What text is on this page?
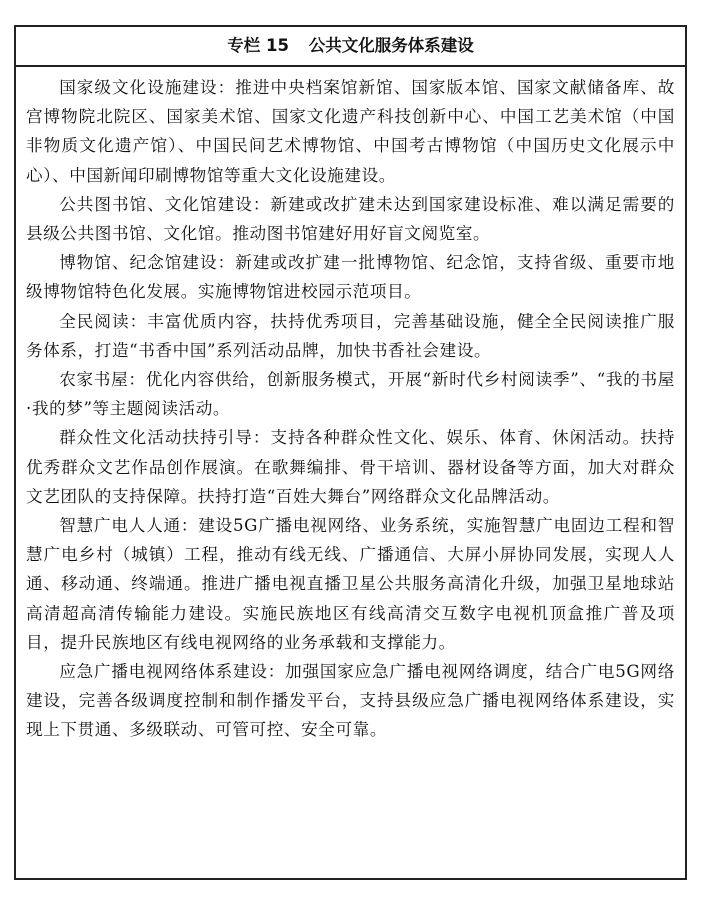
专栏 15 公共文化服务体系建设

国家级文化设施建设：推进中央档案馆新馆、国家版本馆、国家文献储备库、故宫博物院北院区、国家美术馆、国家文化遗产科技创新中心、中国工艺美术馆（中国非物质文化遗产馆）、中国民间艺术博物馆、中国考古博物馆（中国历史文化展示中心）、中国新闻印刷博物馆等重大文化设施建设。

公共图书馆、文化馆建设：新建或改扩建未达到国家建设标准、难以满足需要的县级公共图书馆、文化馆。推动图书馆建好用好盲文阅览室。

博物馆、纪念馆建设：新建或改扩建一批博物馆、纪念馆，支持省级、重要市地级博物馆特色化发展。实施博物馆进校园示范项目。

全民阅读：丰富优质内容，扶持优秀项目，完善基础设施，健全全民阅读推广服务体系，打造“书香中国”系列活动品牌，加快书香社会建设。

农家书屋：优化内容供给，创新服务模式，开展“新时代乡村阅读季”、“我的书屋·我的梦”等主题阅读活动。

群众性文化活动扶持引导：支持各种群众性文化、娱乐、体育、休闲活动。扶持优秀群众文艺作品创作展演。在歌舞编排、骨干培训、器材设备等方面，加大对群众文艺团队的支持保障。扶持打造“百姓大舞台”网络群众文化品牌活动。

智慧广电人人通：建设5G广播电视网络、业务系统，实施智慧广电固边工程和智慧广电乡村（城镇）工程，推动有线无线、广播通信、大屏小屏协同发展，实现人人通、移动通、终端通。推进广播电视直播卫星公共服务高清化升级，加强卫星地球站高清超高清传输能力建设。实施民族地区有线高清交互数字电视机顶盒推广普及项目，提升民族地区有线电视网络的业务承载和支撑能力。

应急广播电视网络体系建设：加强国家应急广播电视网络调度，结合广电5G网络建设，完善各级调度控制和制作播发平台，支持县级应急广播电视网络体系建设，实现上下贯通、多级联动、可管可控、安全可靠。
